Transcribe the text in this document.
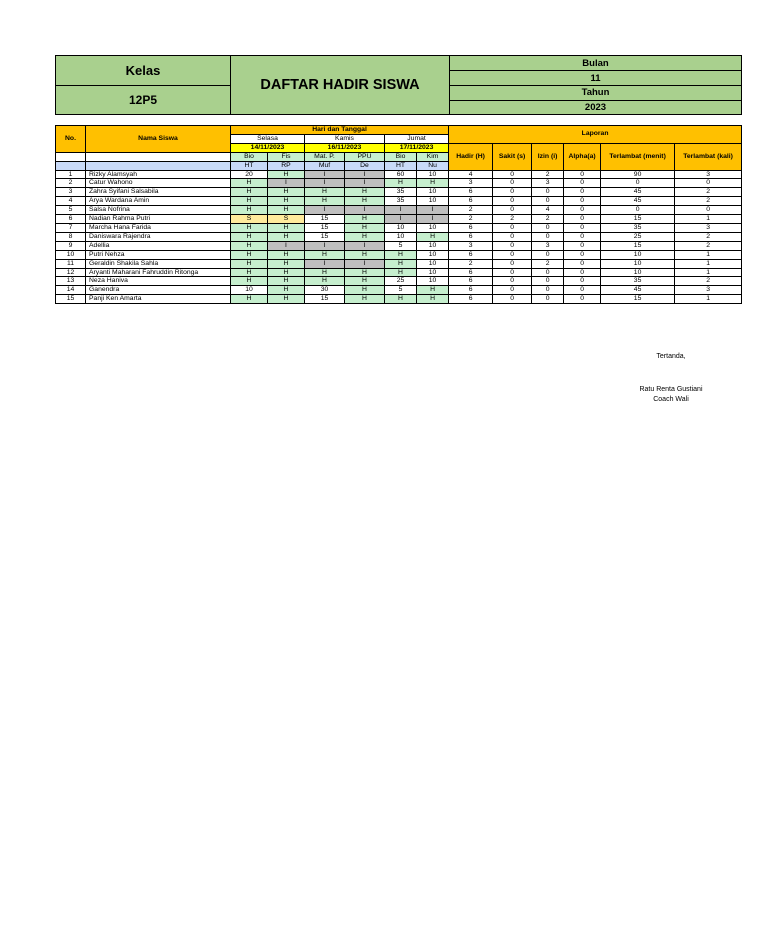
Kelas	DAFTAR HADIR SISWA	Bulan
		11
12P5		Tahun
		2023
No.	Nama Siswa	Hari dan Tanggal						Laporan					
		Selasa		Kamis		Jumat							
		14/11/2023		16/11/2023		17/11/2023		Hadir (H)	Sakit (s)	Izin (i)	Alpha(a)	Terlambat (menit)	Terlambat (kali)
		Bio	Fis	Mat. P.	PPU	Bio	Kim						
		HT	RP	Muf	De	HT	Nu						
1	Rizky Alamsyah	20	H	I	I	60	10	4	0	2	0	90	3
2	Catur Wahono	H	I	I	I	H	H	3	0	3	0	0	0
3	Zahra Syifani Salsabila	H	H	H	H	35	10	6	0	0	0	45	2
4	Arya Wardana Amin	H	H	H	H	35	10	6	0	0	0	45	2
5	Salsa Nofrina	H	H	I	I	I	I	2	0	4	0	0	0
6	Nadian Rahma Putri	S	S	15	H	I	I	2	2	2	0	15	1
7	Marcha Hana Farida	H	H	15	H	10	10	6	0	0	0	35	3
8	Daniswara Rajendra	H	H	15	H	10	H	6	0	0	0	25	2
9	Adellia	H	I	I	I	5	10	3	0	3	0	15	2
10	Putri Nehza	H	H	H	H	H	10	6	0	0	0	10	1
11	Geraldin Shakila Sahla	H	H	I	I	H	10	2	0	2	0	10	1
12	Aryanti Maharani Fahruddin Ritonga	H	H	H	H	H	10	6	0	0	0	10	1
13	Neza Haniva	H	H	H	H	25	10	6	0	0	0	35	2
14	Ganendra	10	H	30	H	5	H	6	0	0	0	45	3
15	Panji Ken Amarta	H	H	15	H	H	H	6	0	0	0	15	1
Tertanda,
Ratu Renta Gustiani
Coach Wali
